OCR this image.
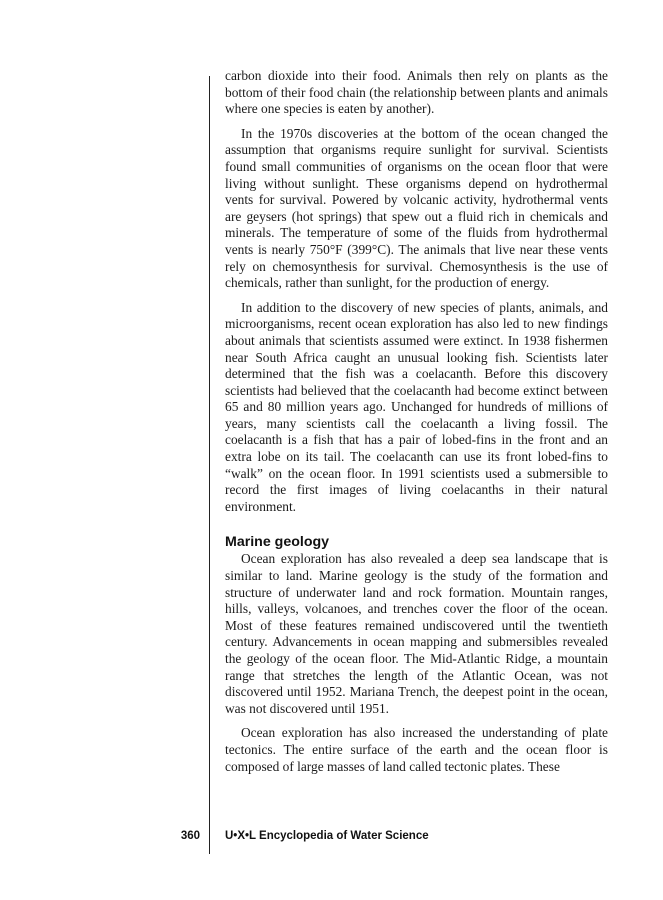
carbon dioxide into their food. Animals then rely on plants as the bottom of their food chain (the relationship between plants and animals where one species is eaten by another).

In the 1970s discoveries at the bottom of the ocean changed the assumption that organisms require sunlight for survival. Scientists found small communities of organisms on the ocean floor that were living without sunlight. These organisms depend on hydrothermal vents for survival. Powered by volcanic activity, hydrothermal vents are geysers (hot springs) that spew out a fluid rich in chemicals and minerals. The temperature of some of the fluids from hydrothermal vents is nearly 750°F (399°C). The animals that live near these vents rely on chemosynthesis for survival. Chemosynthesis is the use of chemicals, rather than sunlight, for the production of energy.

In addition to the discovery of new species of plants, animals, and microorganisms, recent ocean exploration has also led to new findings about animals that scientists assumed were extinct. In 1938 fishermen near South Africa caught an unusual looking fish. Scientists later determined that the fish was a coelacanth. Before this discovery scientists had believed that the coelacanth had become extinct between 65 and 80 million years ago. Unchanged for hundreds of millions of years, many scientists call the coelacanth a living fossil. The coelacanth is a fish that has a pair of lobed-fins in the front and an extra lobe on its tail. The coelacanth can use its front lobed-fins to “walk” on the ocean floor. In 1991 scientists used a submersible to record the first images of living coelacanths in their natural environment.

Marine geology

Ocean exploration has also revealed a deep sea landscape that is similar to land. Marine geology is the study of the formation and structure of underwater land and rock formation. Mountain ranges, hills, valleys, volcanoes, and trenches cover the floor of the ocean. Most of these features remained undiscovered until the twentieth century. Advancements in ocean mapping and submersibles revealed the geology of the ocean floor. The Mid-Atlantic Ridge, a mountain range that stretches the length of the Atlantic Ocean, was not discovered until 1952. Mariana Trench, the deepest point in the ocean, was not discovered until 1951.

Ocean exploration has also increased the understanding of plate tectonics. The entire surface of the earth and the ocean floor is composed of large masses of land called tectonic plates. These

360 U•X•L Encyclopedia of Water Science
